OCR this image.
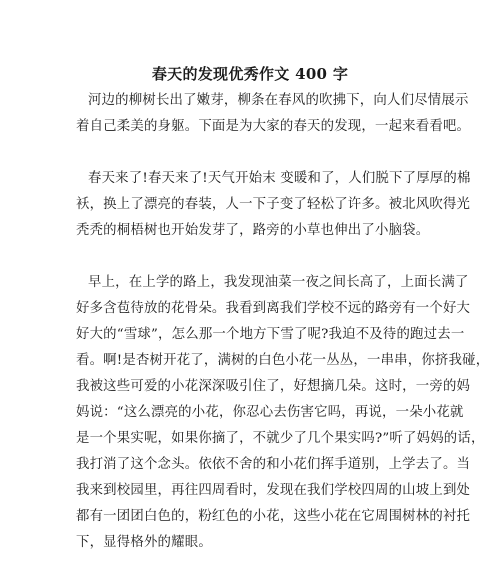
春天的发现优秀作文 400 字

河边的柳树长出了嫩芽，柳条在春风的吹拂下，向人们尽情展示
着自己柔美的身躯。下面是为大家的春天的发现，一起来看看吧。

春天来了!春天来了!天气开始末 变暖和了，人们脱下了厚厚的棉
袄，换上了漂亮的春装，人一下子变了轻松了许多。被北风吹得光
秃秃的桐梧树也开始发芽了，路旁的小草也伸出了小脑袋。

早上，在上学的路上，我发现油菜一夜之间长高了，上面长满了
好多含苞待放的花骨朵。我看到离我们学校不远的路旁有一个好大
好大的“雪球”，怎么那一个地方下雪了呢?我迫不及待的跑过去一
看。啊!是杏树开花了，满树的白色小花一丛丛，一串串，你挤我碰，
我被这些可爱的小花深深吸引住了，好想摘几朵。这时，一旁的妈
妈说：“这么漂亮的小花，你忍心去伤害它吗，再说，一朵小花就
是一个果实呢，如果你摘了，不就少了几个果实吗?”听了妈妈的话，
我打消了这个念头。依依不舍的和小花们挥手道别，上学去了。当
我来到校园里，再往四周看时，发现在我们学校四周的山坡上到处
都有一团团白色的，粉红色的小花，这些小花在它周围树林的衬托
下，显得格外的耀眼。
